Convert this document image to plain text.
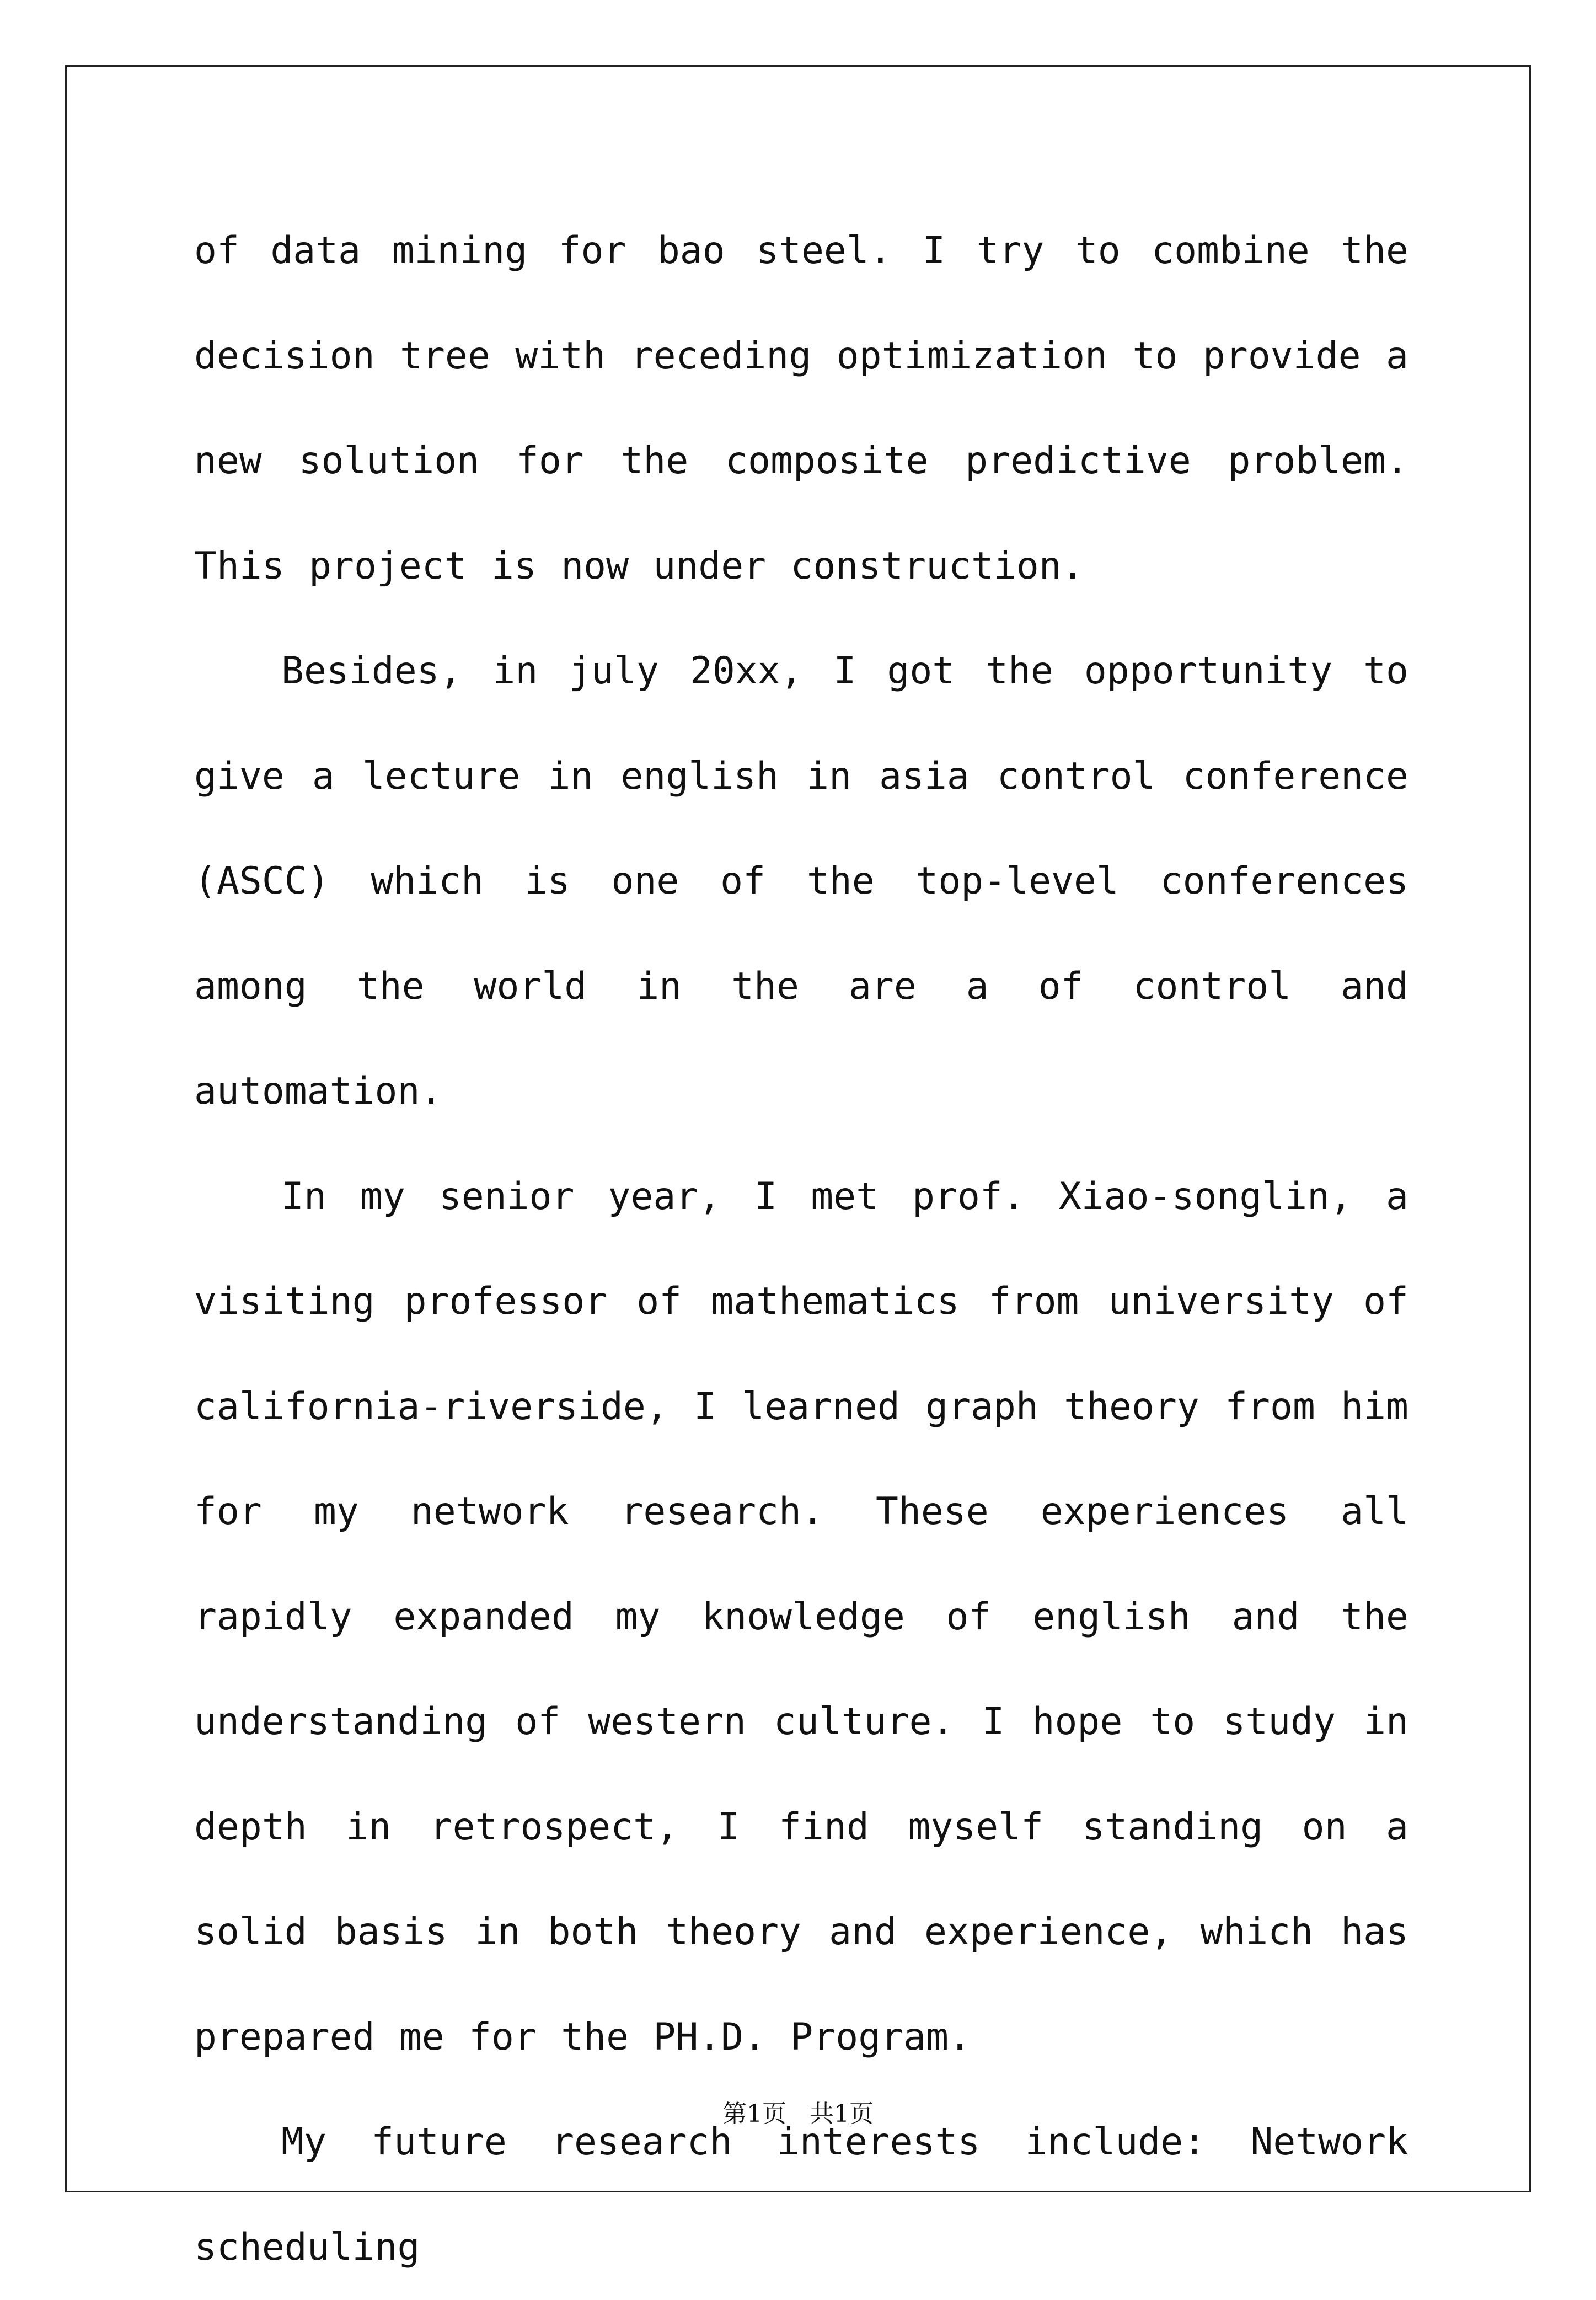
of data mining for bao steel. I try to combine the decision tree with receding optimization to provide a new solution for the composite predictive problem. This project is now under construction.

Besides, in july 20xx, I got the opportunity to give a lecture in english in asia control conference (ASCC) which is one of the top-level conferences among the world in the are a of control and automation.

In my senior year, I met prof. Xiao-songlin, a visiting professor of mathematics from university of california-riverside, I learned graph theory from him for my network research. These experiences all rapidly expanded my knowledge of english and the understanding of western culture. I hope to study in depth in retrospect, I find myself standing on a solid basis in both theory and experience, which has prepared me for the PH.D. Program.

My future research interests include: Network scheduling

第1页   共1页
